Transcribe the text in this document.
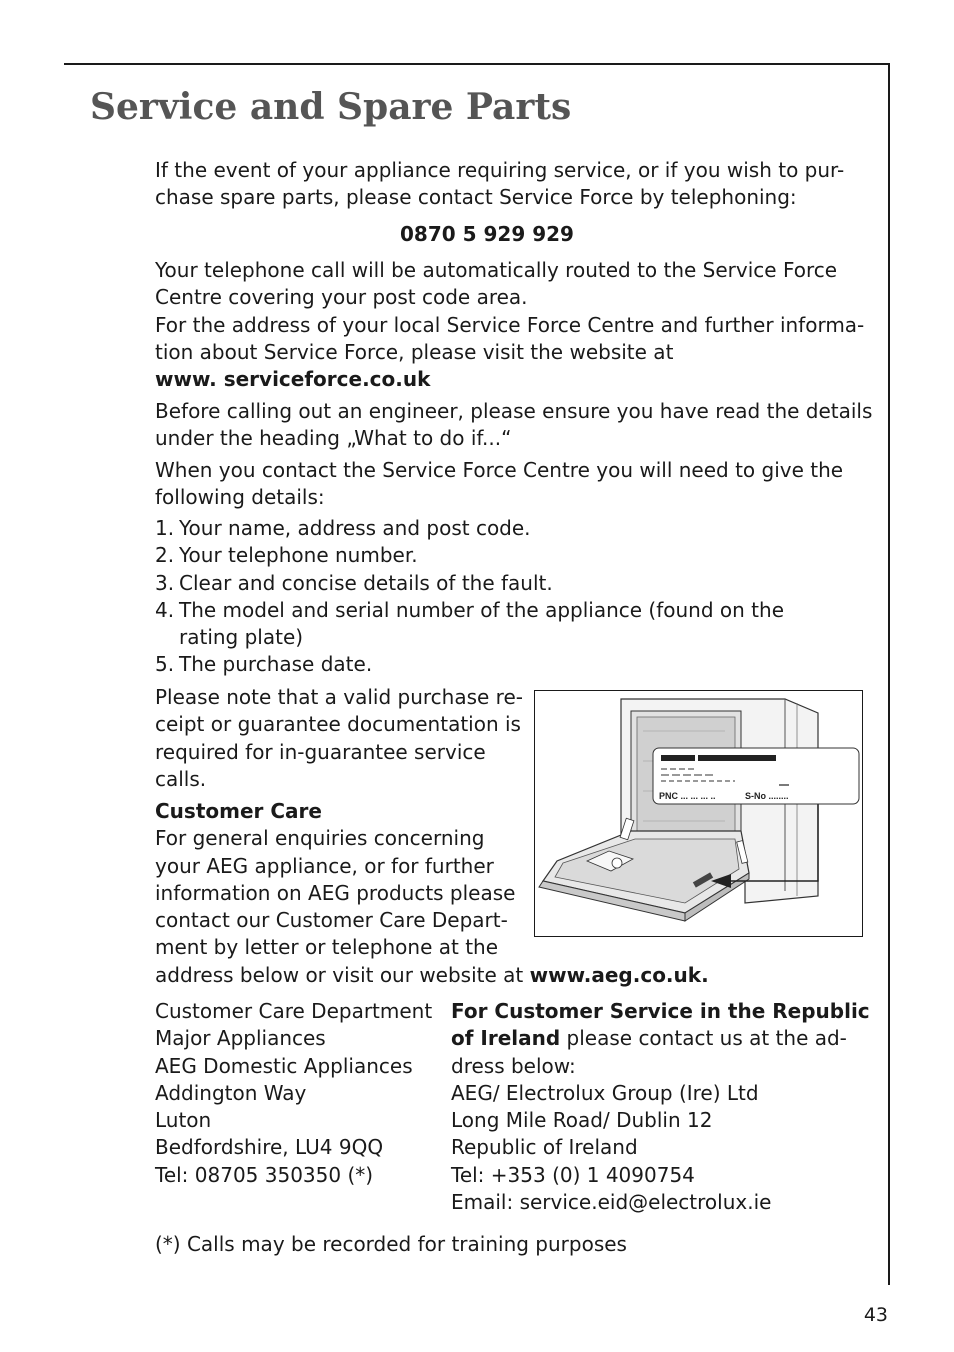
Service and Spare Parts

If the event of your appliance requiring service, or if you wish to pur-
chase spare parts, please contact Service Force by telephoning:

0870 5 929 929

Your telephone call will be automatically routed to the Service Force
Centre covering your post code area.
For the address of your local Service Force Centre and further informa-
tion about Service Force, please visit the website at
www. serviceforce.co.uk

Before calling out an engineer, please ensure you have read the details
under the heading „What to do if...“

When you contact the Service Force Centre you will need to give the
following details:

1. Your name, address and post code.
2. Your telephone number.
3. Clear and concise details of the fault.
4. The model and serial number of the appliance (found on the rating plate)
5. The purchase date.

Please note that a valid purchase re-
ceipt or guarantee documentation is
required for in-guarantee service
calls.

Customer Care
For general enquiries concerning
your AEG appliance, or for further
information on AEG products please
contact our Customer Care Depart-
ment by letter or telephone at the
address below or visit our website at www.aeg.co.uk.

PNC ... ... ... ..	S-No ........

Customer Care Department
Major Appliances
AEG Domestic Appliances
Addington Way
Luton
Bedfordshire, LU4 9QQ
Tel: 08705 350350 (*)

For Customer Service in the Republic
of Ireland please contact us at the ad-
dress below:
AEG/ Electrolux Group (Ire) Ltd
Long Mile Road/ Dublin 12
Republic of Ireland
Tel: +353 (0) 1 4090754
Email: service.eid@electrolux.ie

(*) Calls may be recorded for training purposes

43
